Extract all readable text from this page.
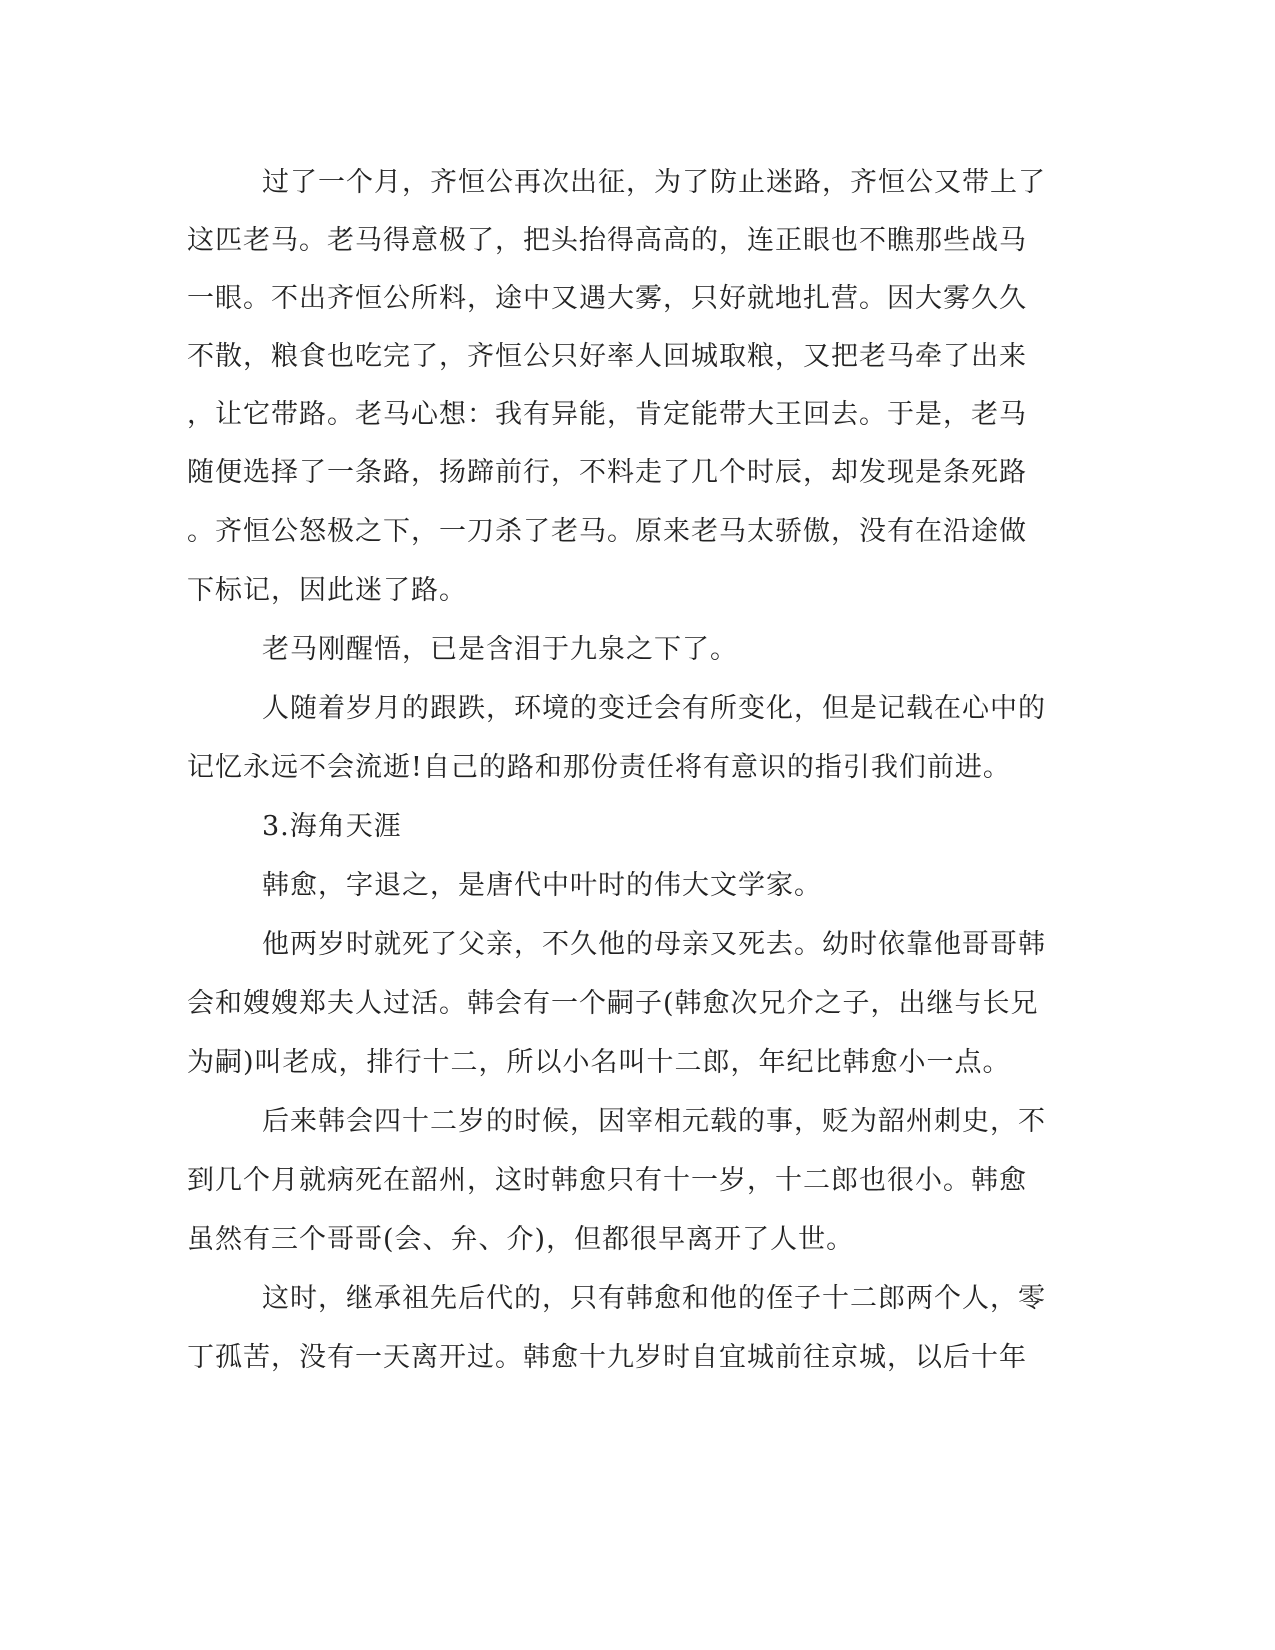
过了一个月，齐恒公再次出征，为了防止迷路，齐恒公又带上了

这匹老马。老马得意极了，把头抬得高高的，连正眼也不瞧那些战马

一眼。不出齐恒公所料，途中又遇大雾，只好就地扎营。因大雾久久

不散，粮食也吃完了，齐恒公只好率人回城取粮，又把老马牵了出来

，让它带路。老马心想：我有异能，肯定能带大王回去。于是，老马

随便选择了一条路，扬蹄前行，不料走了几个时辰，却发现是条死路

。齐恒公怒极之下，一刀杀了老马。原来老马太骄傲，没有在沿途做

下标记，因此迷了路。

老马刚醒悟，已是含泪于九泉之下了。

人随着岁月的跟跌，环境的变迁会有所变化，但是记载在心中的

记忆永远不会流逝!自己的路和那份责任将有意识的指引我们前进。

3.海角天涯

韩愈，字退之，是唐代中叶时的伟大文学家。

他两岁时就死了父亲，不久他的母亲又死去。幼时依靠他哥哥韩

会和嫂嫂郑夫人过活。韩会有一个嗣子(韩愈次兄介之子，出继与长兄

为嗣)叫老成，排行十二，所以小名叫十二郎，年纪比韩愈小一点。

后来韩会四十二岁的时候，因宰相元载的事，贬为韶州刺史，不

到几个月就病死在韶州，这时韩愈只有十一岁，十二郎也很小。韩愈

虽然有三个哥哥(会、弁、介)，但都很早离开了人世。

这时，继承祖先后代的，只有韩愈和他的侄子十二郎两个人，零

丁孤苦，没有一天离开过。韩愈十九岁时自宜城前往京城，以后十年
